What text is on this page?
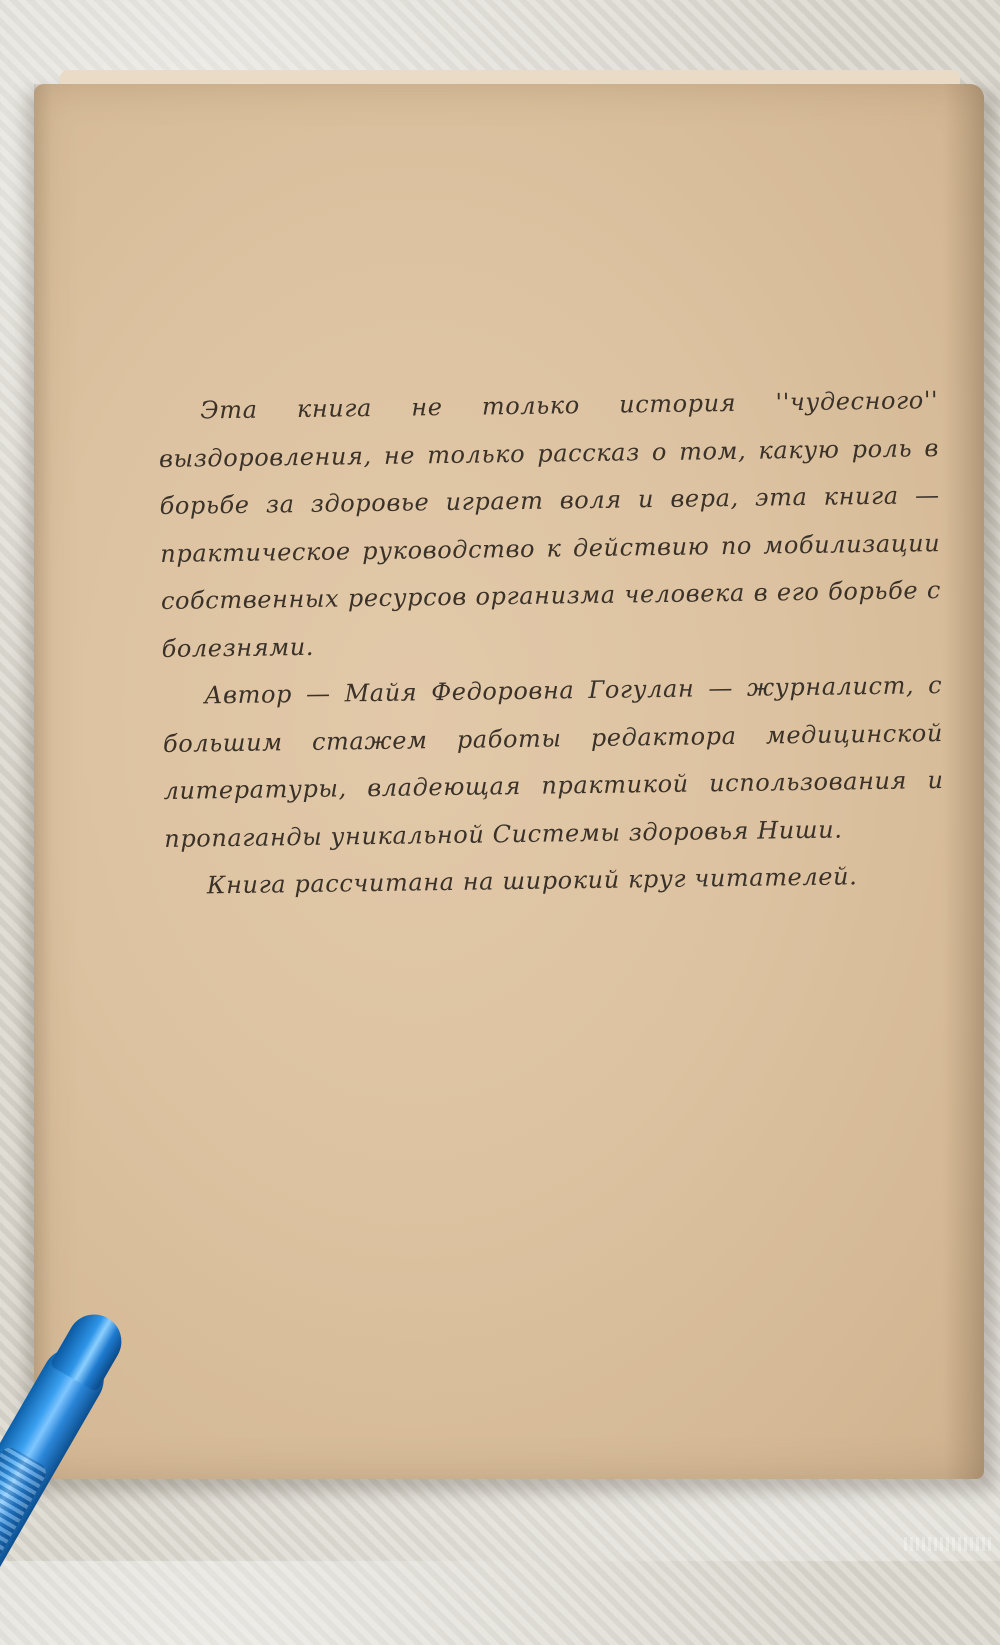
Эта книга не только история ''чудесного'' выздоровления, не только рассказ о том, какую роль в борьбе за здоровье играет воля и вера, эта книга — практическое руководство к действию по мобилизации собственных ресурсов организма человека в его борьбе с болезнями.

Автор — Майя Федоровна Гогулан — журналист, с большим стажем работы редактора медицинской литературы, владеющая практикой использования и пропаганды уникальной Системы здоровья Ниши.

Книга рассчитана на широкий круг читателей.
